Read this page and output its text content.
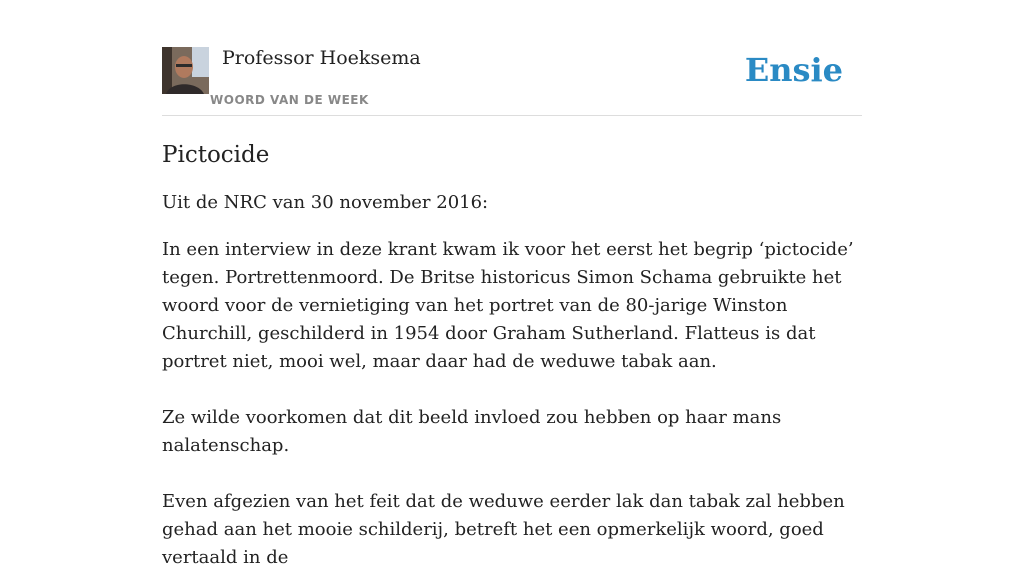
Professor Hoeksema
WOORD VAN DE WEEK
Ensie
Pictocide

Uit de NRC van 30 november 2016:

In een interview in deze krant kwam ik voor het eerst het begrip ‘pictocide’ tegen. Portrettenmoord. De Britse historicus Simon Schama gebruikte het woord voor de vernietiging van het portret van de 80-jarige Winston Churchill, geschilderd in 1954 door Graham Sutherland. Flatteus is dat portret niet, mooi wel, maar daar had de weduwe tabak aan.

Ze wilde voorkomen dat dit beeld invloed zou hebben op haar mans nalatenschap.

Even afgezien van het feit dat de weduwe eerder lak dan tabak zal hebben gehad aan het mooie schilderij, betreft het een opmerkelijk woord, goed vertaald in de
